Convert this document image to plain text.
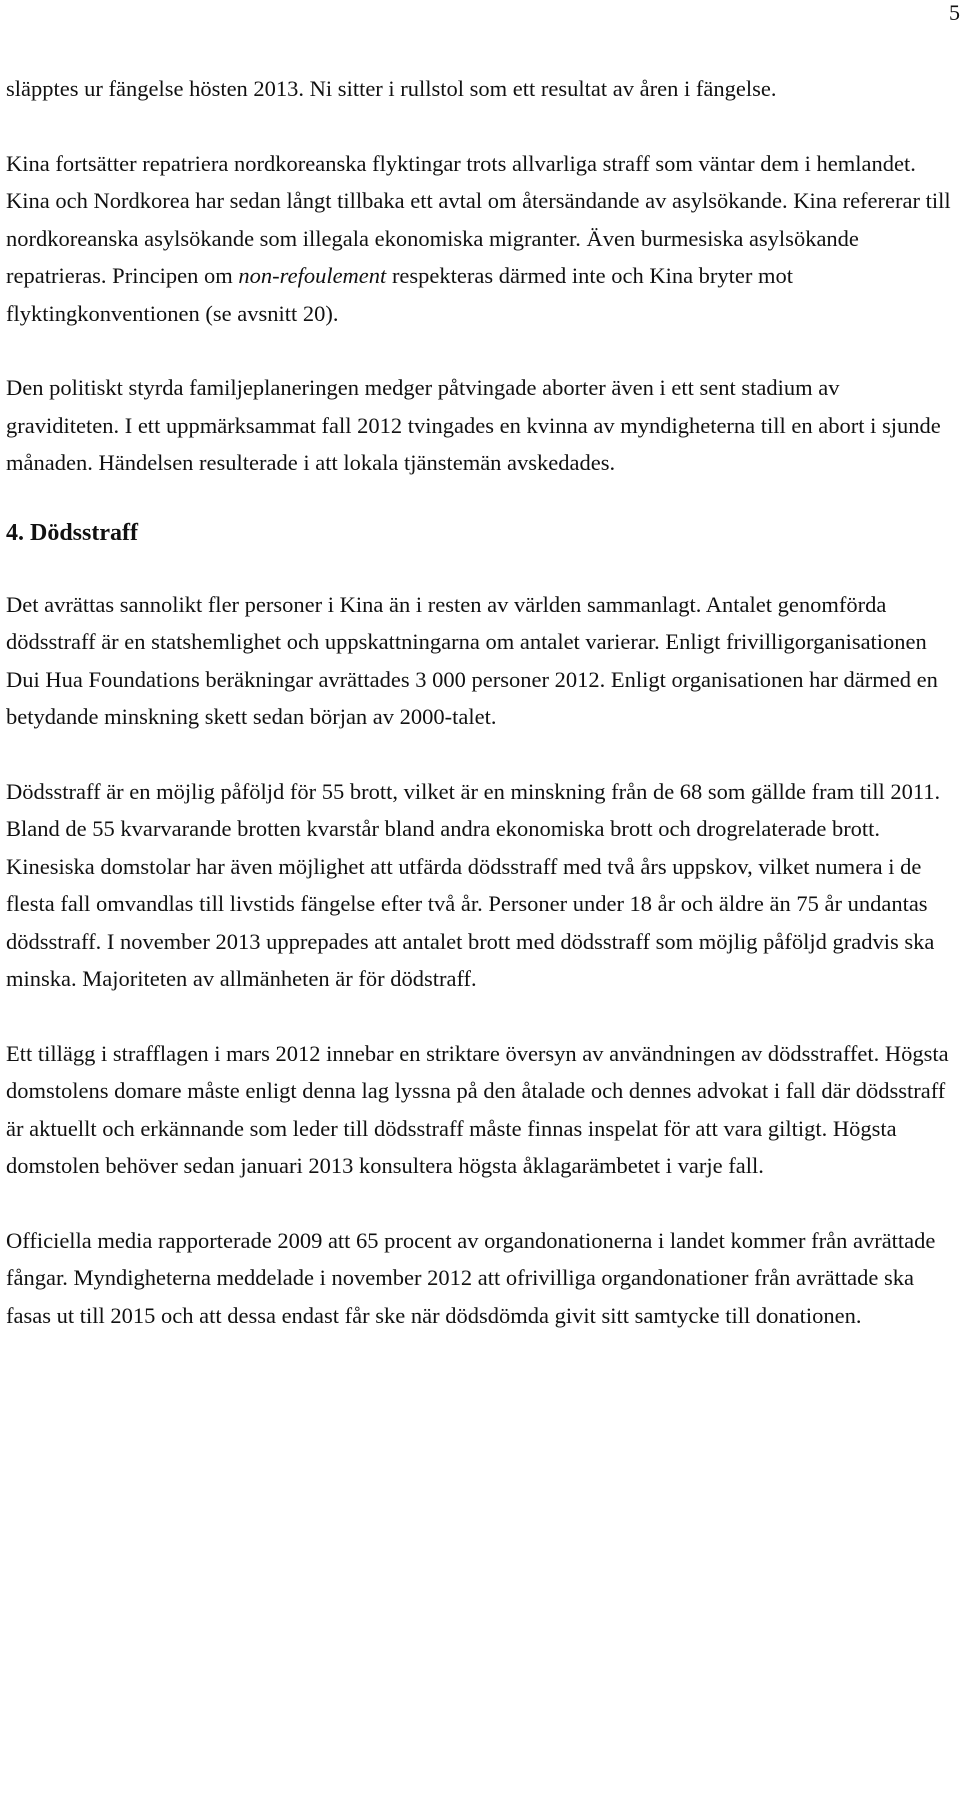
5

släpptes ur fängelse hösten 2013. Ni sitter i rullstol som ett resultat av åren i fängelse.

Kina fortsätter repatriera nordkoreanska flyktingar trots allvarliga straff som väntar dem i hemlandet. Kina och Nordkorea har sedan långt tillbaka ett avtal om återsändande av asylsökande. Kina refererar till nordkoreanska asylsökande som illegala ekonomiska migranter. Även burmesiska asylsökande repatrieras. Principen om non-refoulement respekteras därmed inte och Kina bryter mot flyktingkonventionen (se avsnitt 20).

Den politiskt styrda familjeplaneringen medger påtvingade aborter även i ett sent stadium av graviditeten. I ett uppmärksammat fall 2012 tvingades en kvinna av myndigheterna till en abort i sjunde månaden. Händelsen resulterade i att lokala tjänstemän avskedades.

4. Dödsstraff

Det avrättas sannolikt fler personer i Kina än i resten av världen sammanlagt. Antalet genomförda dödsstraff är en statshemlighet och uppskattningarna om antalet varierar. Enligt frivilligorganisationen Dui Hua Foundations beräkningar avrättades 3 000 personer 2012. Enligt organisationen har därmed en betydande minskning skett sedan början av 2000-talet.

Dödsstraff är en möjlig påföljd för 55 brott, vilket är en minskning från de 68 som gällde fram till 2011. Bland de 55 kvarvarande brotten kvarstår bland andra ekonomiska brott och drogrelaterade brott. Kinesiska domstolar har även möjlighet att utfärda dödsstraff med två års uppskov, vilket numera i de flesta fall omvandlas till livstids fängelse efter två år. Personer under 18 år och äldre än 75 år undantas dödsstraff. I november 2013 upprepades att antalet brott med dödsstraff som möjlig påföljd gradvis ska minska. Majoriteten av allmänheten är för dödstraff.

Ett tillägg i strafflagen i mars 2012 innebar en striktare översyn av användningen av dödsstraffet. Högsta domstolens domare måste enligt denna lag lyssna på den åtalade och dennes advokat i fall där dödsstraff är aktuellt och erkännande som leder till dödsstraff måste finnas inspelat för att vara giltigt. Högsta domstolen behöver sedan januari 2013 konsultera högsta åklagarämbetet i varje fall.

Officiella media rapporterade 2009 att 65 procent av organdonationerna i landet kommer från avrättade fångar. Myndigheterna meddelade i november 2012 att ofrivilliga organdonationer från avrättade ska fasas ut till 2015 och att dessa endast får ske när dödsdömda givit sitt samtycke till donationen.
